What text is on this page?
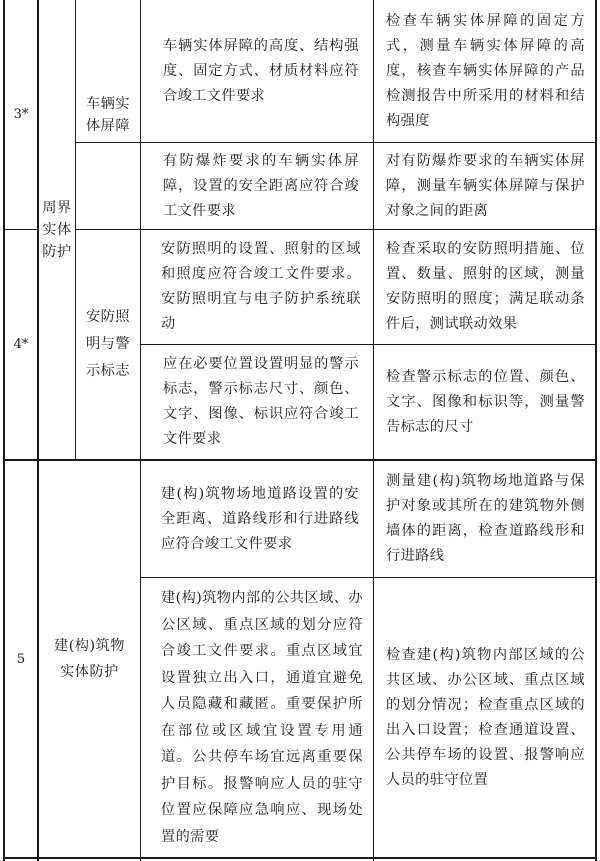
3*
周界实体防护
车辆实体屏障
车辆实体屏障的高度、结构强度、固定方式、材质材料应符合竣工文件要求
检查车辆实体屏障的固定方式，测量车辆实体屏障的高度，核查车辆实体屏障的产品检测报告中所采用的材料和结构强度
有防爆炸要求的车辆实体屏障，设置的安全距离应符合竣工文件要求
对有防爆炸要求的车辆实体屏障，测量车辆实体屏障与保护对象之间的距离
4*
安防照明与警示标志
安防照明的设置、照射的区域和照度应符合竣工文件要求。安防照明宜与电子防护系统联动
检查采取的安防照明措施、位置、数量、照射的区域，测量安防照明的照度；满足联动条件后，测试联动效果
应在必要位置设置明显的警示标志，警示标志尺寸、颜色、文字、图像、标识应符合竣工文件要求
检查警示标志的位置、颜色、文字、图像和标识等，测量警告标志的尺寸
5
建(构)筑物实体防护
建(构)筑物场地道路设置的安全距离、道路线形和行进路线应符合竣工文件要求
测量建(构)筑物场地道路与保护对象或其所在的建筑物外侧墙体的距离，检查道路线形和行进路线
建(构)筑物内部的公共区域、办公区域、重点区域的划分应符合竣工文件要求。重点区域宜设置独立出入口，通道宜避免人员隐藏和藏匿。重要保护所在部位或区域宜设置专用通道。公共停车场宜远离重要保护目标。报警响应人员的驻守位置应保障应急响应、现场处置的需要
检查建(构)筑物内部区域的公共区域、办公区域、重点区域的划分情况；检查重点区域的出入口设置；检查通道设置、公共停车场的设置、报警响应人员的驻守位置
